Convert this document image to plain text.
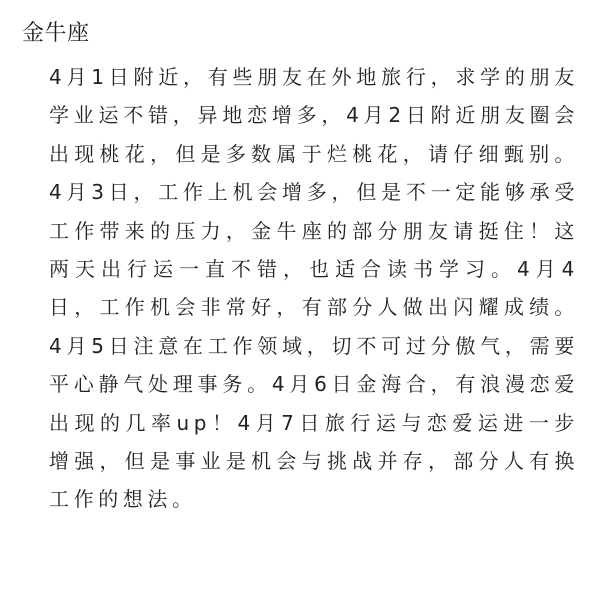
金牛座

4月1日附近，有些朋友在外地旅行，求学的朋友学业运不错，异地恋增多，4月2日附近朋友圈会出现桃花，但是多数属于烂桃花，请仔细甄别。4月3日，工作上机会增多，但是不一定能够承受工作带来的压力，金牛座的部分朋友请挺住！这两天出行运一直不错，也适合读书学习。4月4日，工作机会非常好，有部分人做出闪耀成绩。4月5日注意在工作领域，切不可过分傲气，需要平心静气处理事务。4月6日金海合，有浪漫恋爱出现的几率up！4月7日旅行运与恋爱运进一步增强，但是事业是机会与挑战并存，部分人有换工作的想法。
